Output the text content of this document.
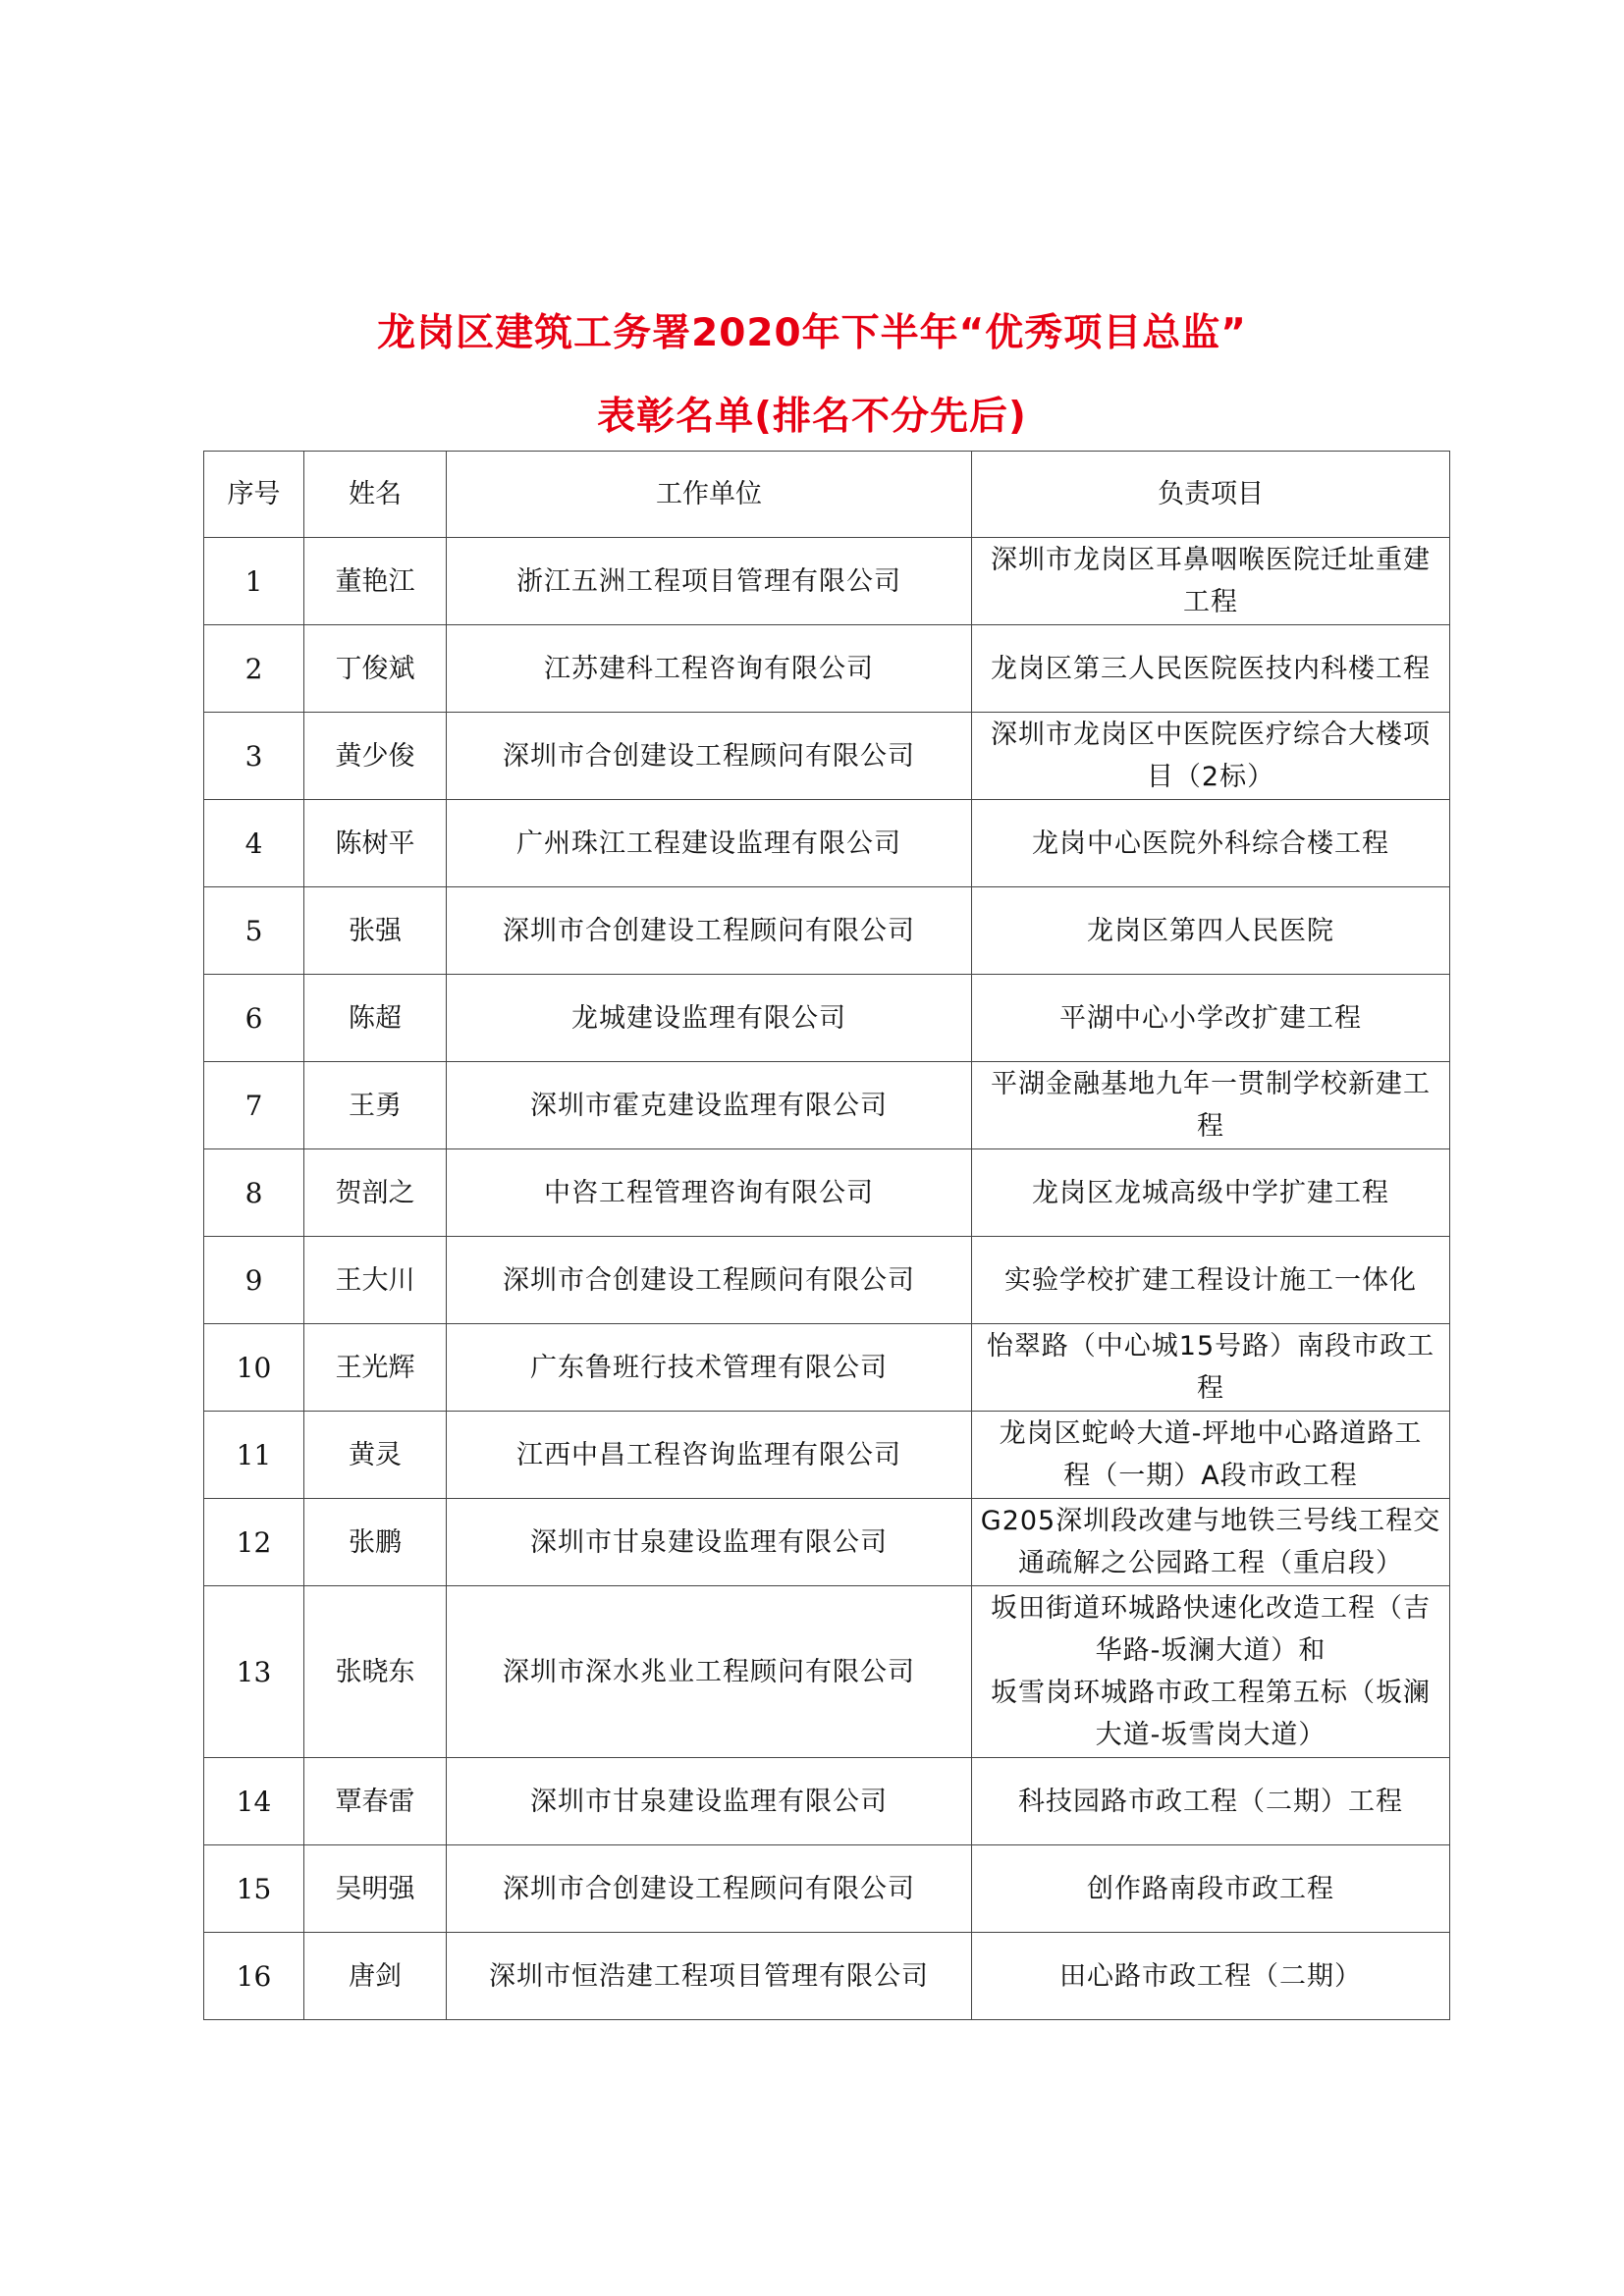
龙岗区建筑工务署2020年下半年“优秀项目总监”
表彰名单(排名不分先后)
序号	姓名	工作单位	负责项目
1	董艳江	浙江五洲工程项目管理有限公司	深圳市龙岗区耳鼻咽喉医院迁址重建
工程
2	丁俊斌	江苏建科工程咨询有限公司	龙岗区第三人民医院医技内科楼工程
3	黄少俊	深圳市合创建设工程顾问有限公司	深圳市龙岗区中医院医疗综合大楼项
目（2标）
4	陈树平	广州珠江工程建设监理有限公司	龙岗中心医院外科综合楼工程
5	张强	深圳市合创建设工程顾问有限公司	龙岗区第四人民医院
6	陈超	龙城建设监理有限公司	平湖中心小学改扩建工程
7	王勇	深圳市霍克建设监理有限公司	平湖金融基地九年一贯制学校新建工
程
8	贺剖之	中咨工程管理咨询有限公司	龙岗区龙城高级中学扩建工程
9	王大川	深圳市合创建设工程顾问有限公司	实验学校扩建工程设计施工一体化
10	王光辉	广东鲁班行技术管理有限公司	怡翠路（中心城15号路）南段市政工
程
11	黄灵	江西中昌工程咨询监理有限公司	龙岗区蛇岭大道-坪地中心路道路工
程（一期）A段市政工程
12	张鹏	深圳市甘泉建设监理有限公司	G205深圳段改建与地铁三号线工程交
通疏解之公园路工程（重启段）
13	张晓东	深圳市深水兆业工程顾问有限公司	坂田街道环城路快速化改造工程（吉
华路-坂澜大道）和
坂雪岗环城路市政工程第五标（坂澜
大道-坂雪岗大道）
14	覃春雷	深圳市甘泉建设监理有限公司	科技园路市政工程（二期）工程
15	吴明强	深圳市合创建设工程顾问有限公司	创作路南段市政工程
16	唐剑	深圳市恒浩建工程项目管理有限公司	田心路市政工程（二期）
